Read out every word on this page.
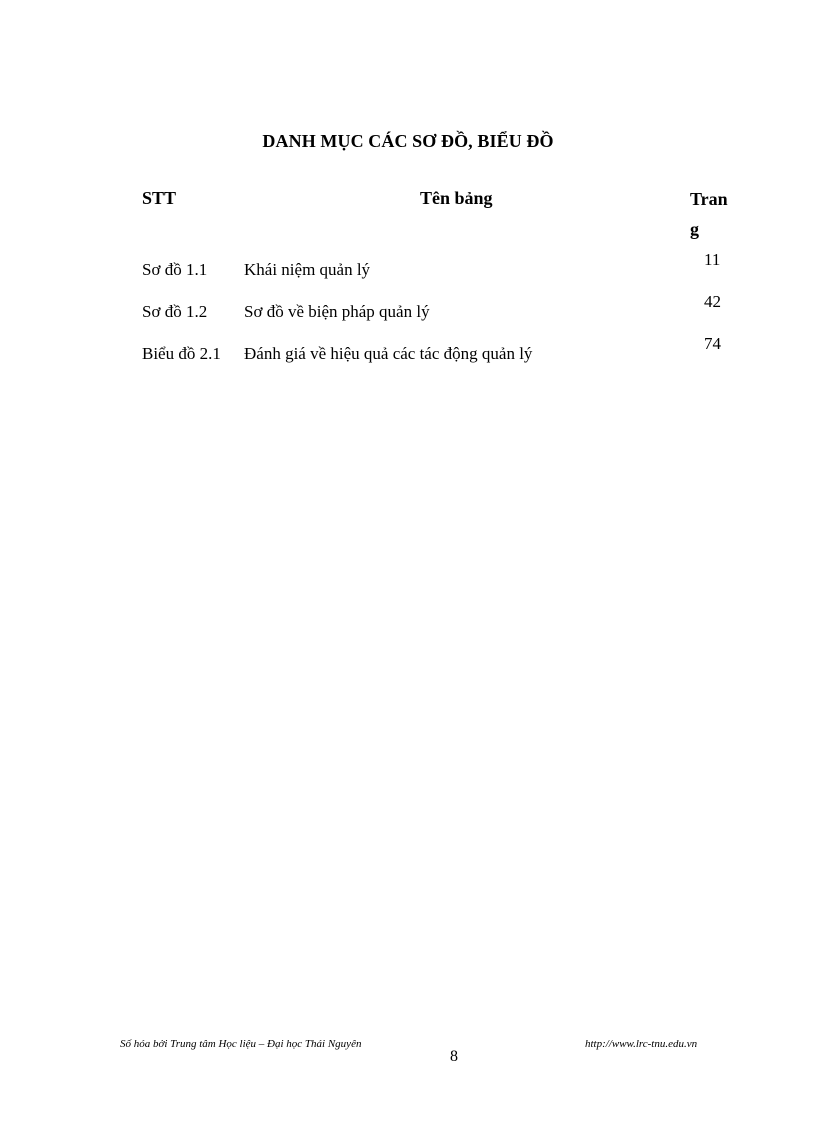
DANH MỤC CÁC SƠ ĐỒ, BIỂU ĐỒ
STT	Tên bảng	Trang
Sơ đồ 1.1 Khái niệm quản lý
11
Sơ đồ 1.2 Sơ đồ về biện pháp quản lý
42
Biểu đồ 2.1 Đánh giá về hiệu quả các tác động quản lý
74
Số hóa bởi Trung tâm Học liệu – Đại học Thái Nguyên
8
http://www.lrc-tnu.edu.vn
